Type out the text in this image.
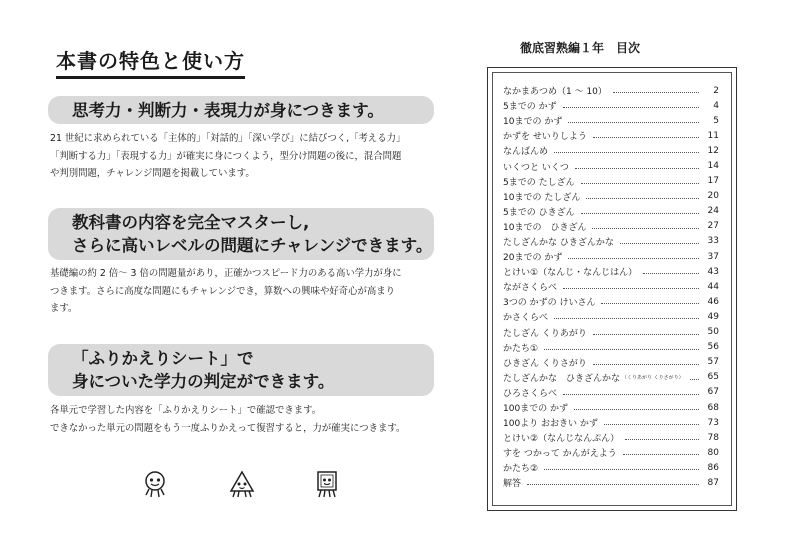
本書の特色と使い方
思考力・判断力・表現力が身につきます。
21 世紀に求められている「主体的」「対話的」「深い学び」に結びつく,「考える力」
「判断する力」「表現する力」が確実に身につくよう，型分け問題の後に，混合問題
や判別問題，チャレンジ問題を掲載しています。
教科書の内容を完全マスターし,
さらに高いレベルの問題にチャレンジできます。
基礎編の約 2 倍～ 3 倍の問題量があり，正確かつスピード力のある高い学力が身に
つきます。さらに高度な問題にもチャレンジでき，算数への興味や好奇心が高まり
ます。
「ふりかえりシート」で
身についた学力の判定ができます。
各単元で学習した内容を「ふりかえりシート」で確認できます。
できなかった単元の問題をもう一度ふりかえって復習すると，力が確実につきます。
徹底習熟編１年　目次
なかまあつめ（1 ～ 10）	2
5までの かず	4
10までの かず	5
かずを せいりしよう	11
なんばんめ	12
いくつと いくつ	14
5までの たしざん	17
10までの たしざん	20
5までの ひきざん	24
10までの　ひきざん	27
たしざんかな ひきざんかな	33
20までの かず	37
とけい①（なんじ・なんじはん）	43
ながさくらべ	44
3つの かずの けいさん	46
かさくらべ	49
たしざん くりあがり	50
かたち①	56
ひきざん くりさがり	57
たしざんかな　ひきざんかな （くりあがり くりさがり）	65
ひろさくらべ	67
100までの かず	68
100より おおきい かず	73
とけい②（なんじなんぷん）	78
すを つかって かんがえよう	80
かたち②	86
解答	87
